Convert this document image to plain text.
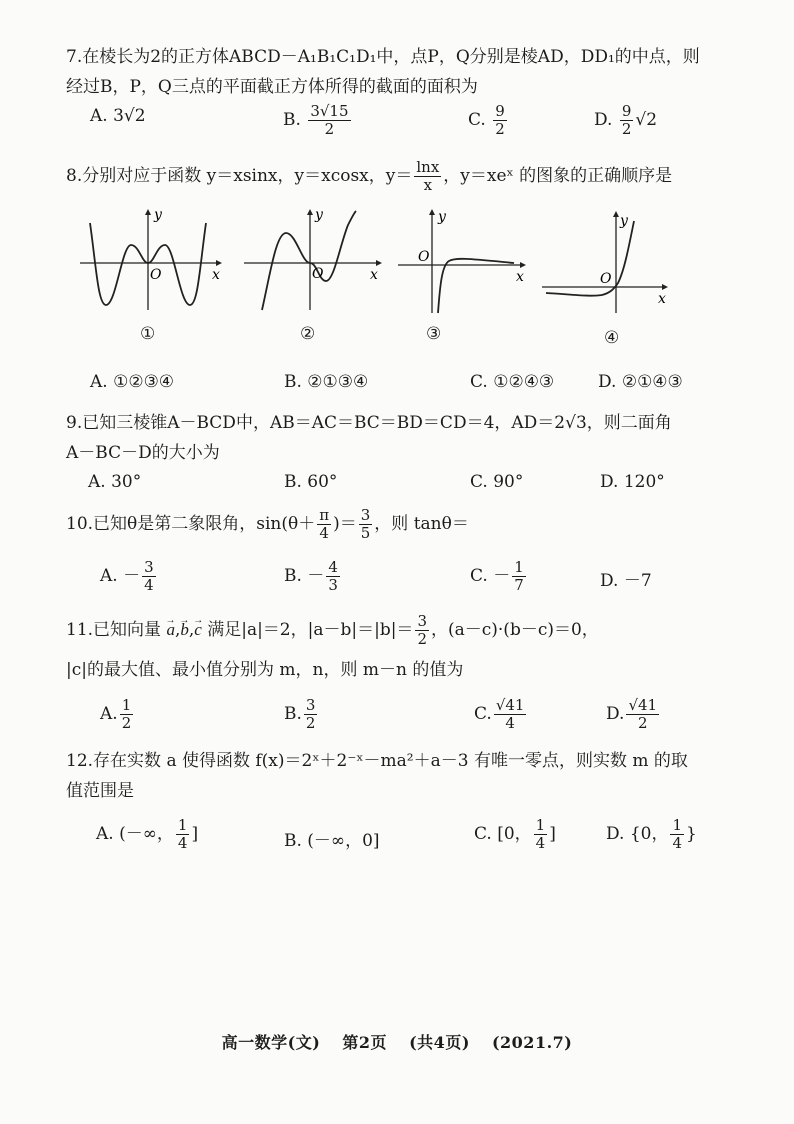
7.在棱长为2的正方体ABCD－A₁B₁C₁D₁中，点P，Q分别是棱AD，DD₁的中点，则
经过B，P，Q三点的平面截正方体所得的截面的面积为
A. 3√2	B. $\frac{3√15}{2}$	C. $\frac{9}{2}$	D. $\frac{9}{2} √2$
8.分别对应于函数 y＝xsinx，y＝xcosx，$y= \frac{\ln x}{x}$ ，y＝xeˣ 的图象的正确顺序是
y
O	x
①
y
O	x
②
y
O
x
③
y
O
x
④
A. ①②③④	B. ②①③④	C. ①②④③	D. ②①④③
9.已知三棱锥A－BCD中，AB＝AC＝BC＝BD＝CD＝4，AD＝2√3，则二面角
A－BC－D的大小为
A. 30°	B. 60°	C. 90°	D. 120°
10.已知θ是第二象限角，$\sin(\theta+ \frac{\pi}{4}$ )＝ $\frac{3}{5}$ ，则 tanθ＝
A. － $\frac{3}{4}$	B. － $\frac{4}{3}$	C. － $\frac{1}{7}$	D. －7
11.已知向量 → a,→ b,→ c 满足|a|＝2，$|a-b|=|b|= \frac{3}{2}$ ，(a－c)·(b－c)＝0，
|c|的最大值、最小值分别为 m，n，则 m－n 的值为
A. $\frac{1}{2}$	B. $\frac{3}{2}$	C. $\frac{√41}{4}$	D. $\frac{√41}{2}$
12.存在实数 a 使得函数 f(x)＝2ˣ＋2⁻ˣ－ma²＋a－3 有唯一零点，则实数 m 的取
值范围是
A. (－∞， $\frac{1}{4}$ ]	B. (－∞，0]	C. [0， $\frac{1}{4}$ ]	D. {0， $\frac{1}{4}$ }
高一数学(文) 第2页 (共4页) (2021.7)
